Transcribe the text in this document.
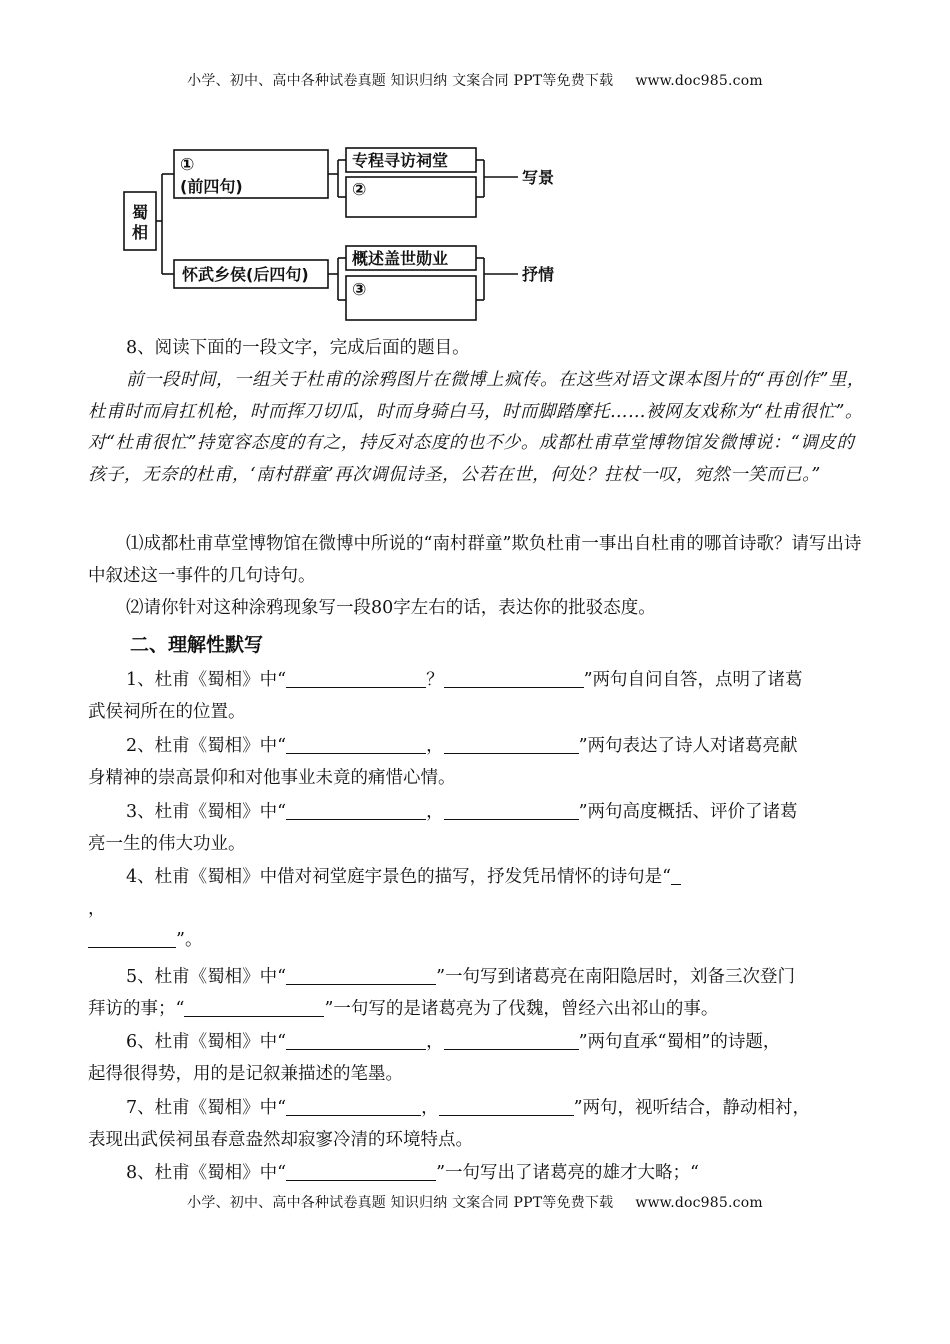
小学、初中、高中各种试卷真题 知识归纳 文案合同 PPT等免费下载 www.doc985.com
蜀相
①
(前四句)
怀武乡侯(后四句)
专程寻访祠堂
②
概述盖世勋业
③
写景
抒情

8、阅读下面的一段文字，完成后面的题目。

前一段时间，一组关于杜甫的涂鸦图片在微博上疯传。在这些对语文课本图片的“再创作”里，杜甫时而肩扛机枪，时而挥刀切瓜，时而身骑白马，时而脚踏摩托……被网友戏称为“杜甫很忙”。对“杜甫很忙”持宽容态度的有之，持反对态度的也不少。成都杜甫草堂博物馆发微博说：“调皮的孩子，无奈的杜甫，‘南村群童’再次调侃诗圣，公若在世，何处？拄杖一叹，宛然一笑而已。”

⑴成都杜甫草堂博物馆在微博中所说的“南村群童”欺负杜甫一事出自杜甫的哪首诗歌？请写出诗中叙述这一事件的几句诗句。

⑵请你针对这种涂鸦现象写一段80字左右的话，表达你的批驳态度。

二、理解性默写
1、杜甫《蜀相》中“	？	”两句自问自答，点明了诸葛
武侯祠所在的位置。
2、杜甫《蜀相》中“	，	”两句表达了诗人对诸葛亮献
身精神的崇高景仰和对他事业未竟的痛惜心情。
3、杜甫《蜀相》中“	，	”两句高度概括、评价了诸葛
亮一生的伟大功业。
4、杜甫《蜀相》中借对祠堂庭宇景色的描写，抒发凭吊情怀的诗句是“
，
”。
5、杜甫《蜀相》中“	”一句写到诸葛亮在南阳隐居时，刘备三次登门
拜访的事；“	”一句写的是诸葛亮为了伐魏，曾经六出祁山的事。
6、杜甫《蜀相》中“	，	”两句直承“蜀相”的诗题，
起得很得势，用的是记叙兼描述的笔墨。
7、杜甫《蜀相》中“	，	”两句，视听结合，静动相衬，
表现出武侯祠虽春意盎然却寂寥冷清的环境特点。
8、杜甫《蜀相》中“	”一句写出了诸葛亮的雄才大略；“
小学、初中、高中各种试卷真题 知识归纳 文案合同 PPT等免费下载 www.doc985.com
